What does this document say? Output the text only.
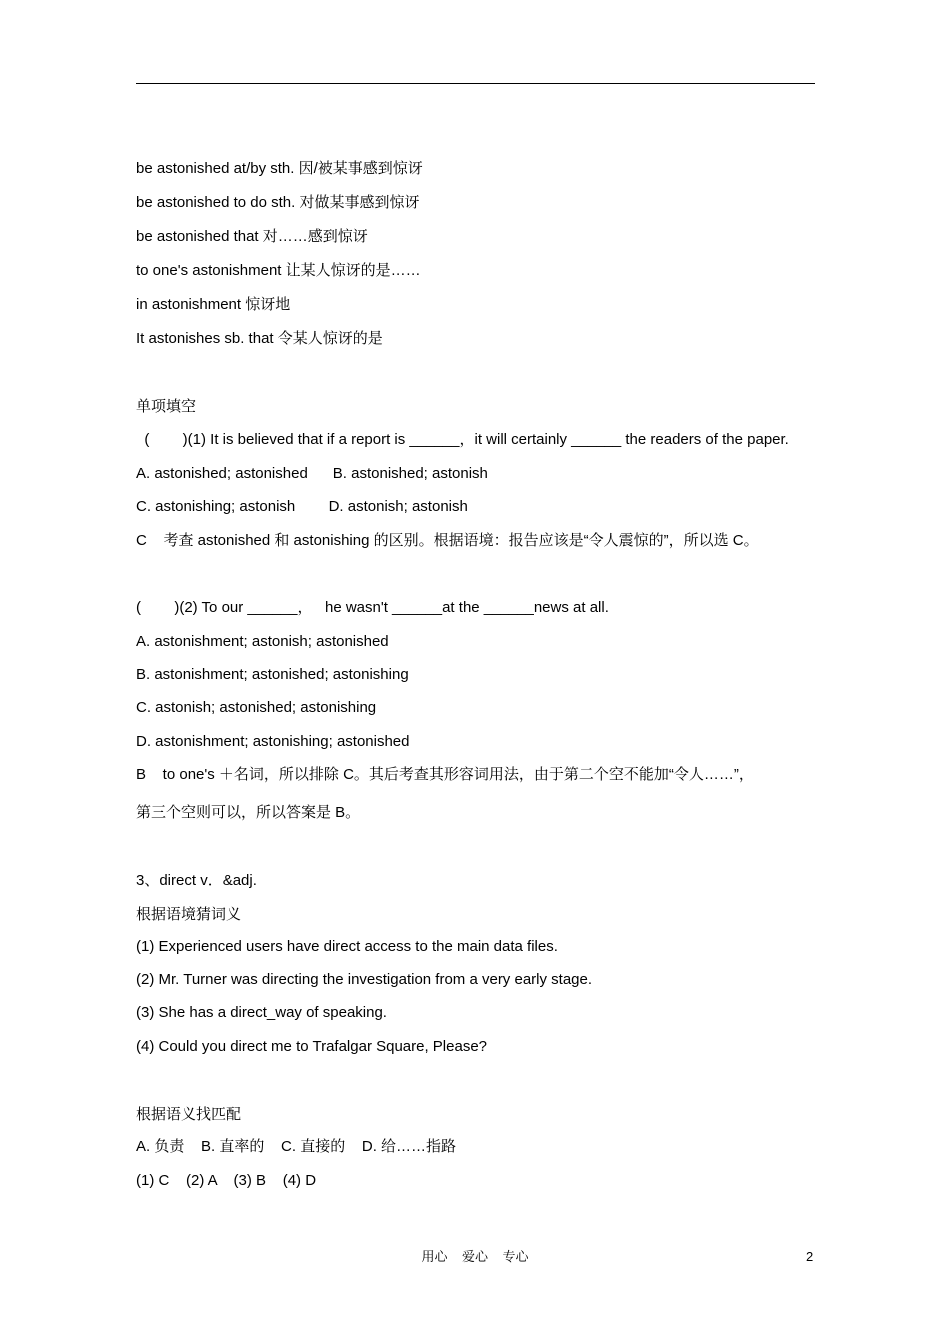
be astonished at/by sth. 因/被某事感到惊讶
be astonished to do sth. 对做某事感到惊讶
be astonished that 对……感到惊讶
to one's astonishment 让某人惊讶的是……
in astonishment 惊讶地
It astonishes sb. that 令某人惊讶的是
单项填空
(        )(1) It is believed that if a report is ______，it will certainly ______ the readers of the paper.
A. astonished; astonished      B. astonished; astonish
C. astonishing; astonish        D. astonish; astonish
C    考查 astonished 和 astonishing 的区别。根据语境：报告应该是“令人震惊的”，所以选 C。
(        )(2) To our ______，   he wasn't ______at the ______news at all.
A. astonishment; astonish; astonished
B. astonishment; astonished; astonishing
C. astonish; astonished; astonishing
D. astonishment; astonishing; astonished
B    to one's ＋名词，所以排除 C。其后考查其形容词用法，由于第二个空不能加“令人……”，
第三个空则可以，所以答案是 B。
3、direct v．&adj.
根据语境猜词义
(1) Experienced users have direct access to the main data files.
(2) Mr. Turner was directing the investigation from a very early stage.
(3) She has a direct_way of speaking.
(4) Could you direct me to Trafalgar Square, Please?
根据语义找匹配
A. 负责    B. 直率的    C. 直接的    D. 给……指路
(1) C    (2) A    (3) B    (4) D
用心    爱心    专心	2
